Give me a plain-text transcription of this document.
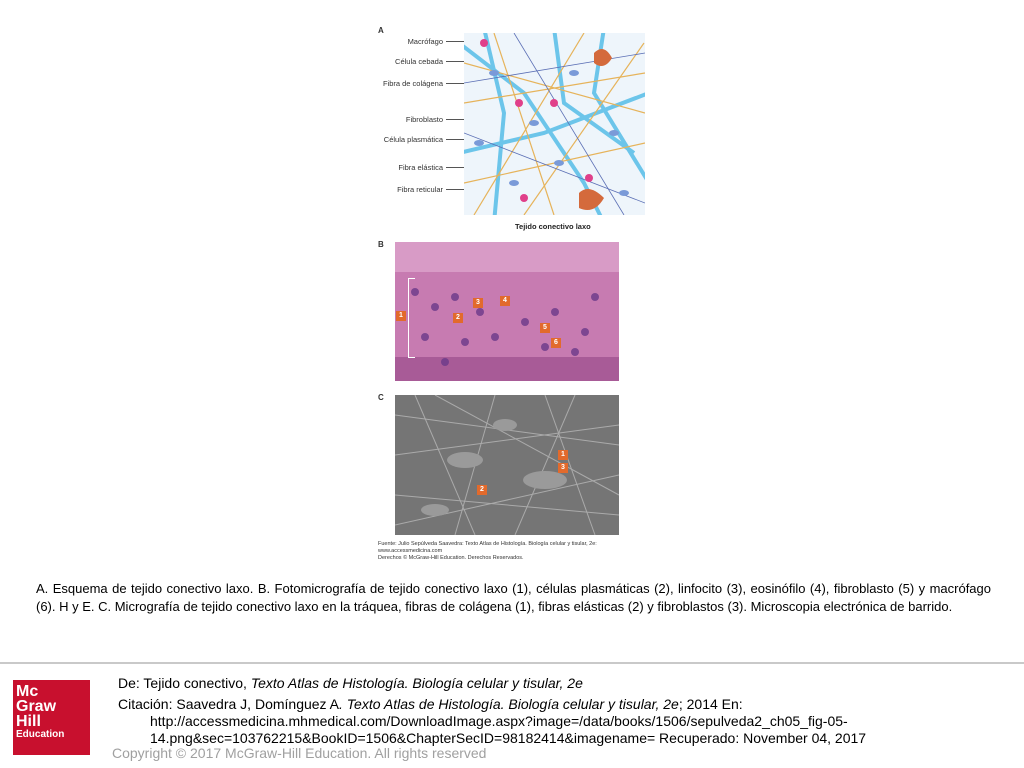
A
Macrófago
Célula cebada
Fibra de colágena
Fibroblasto
Célula plasmática
Fibra elástica
Fibra reticular
Tejido conectivo laxo
B
1	2
3	4
5
6
C
1
2
3
Fuente: Julio Sepúlveda Saavedra: Texto Atlas de Histología. Biología celular y tisular, 2e:
www.accessmedicina.com
Derechos © McGraw-Hill Education. Derechos Reservados.
A. Esquema de tejido conectivo laxo. B. Fotomicrografía de tejido conectivo laxo (1), células plasmáticas (2), linfocito (3), eosinófilo (4), fibroblasto (5) y macrófago (6). H y E. C. Micrografía de tejido conectivo laxo en la tráquea, fibras de colágena (1), fibras elásticas (2) y fibroblastos (3). Microscopia electrónica de barrido.
Mc
Graw
Hill
Education
De: Tejido conectivo, Texto Atlas de Histología. Biología celular y tisular, 2e
Citación: Saavedra J, Domínguez A. Texto Atlas de Histología. Biología celular y tisular, 2e; 2014 En:
http://accessmedicina.mhmedical.com/DownloadImage.aspx?image=/data/books/1506/sepulveda2_ch05_fig-05-
14.png&sec=103762215&BookID=1506&ChapterSecID=98182414&imagename= Recuperado: November 04, 2017
Copyright © 2017 McGraw-Hill Education. All rights reserved
